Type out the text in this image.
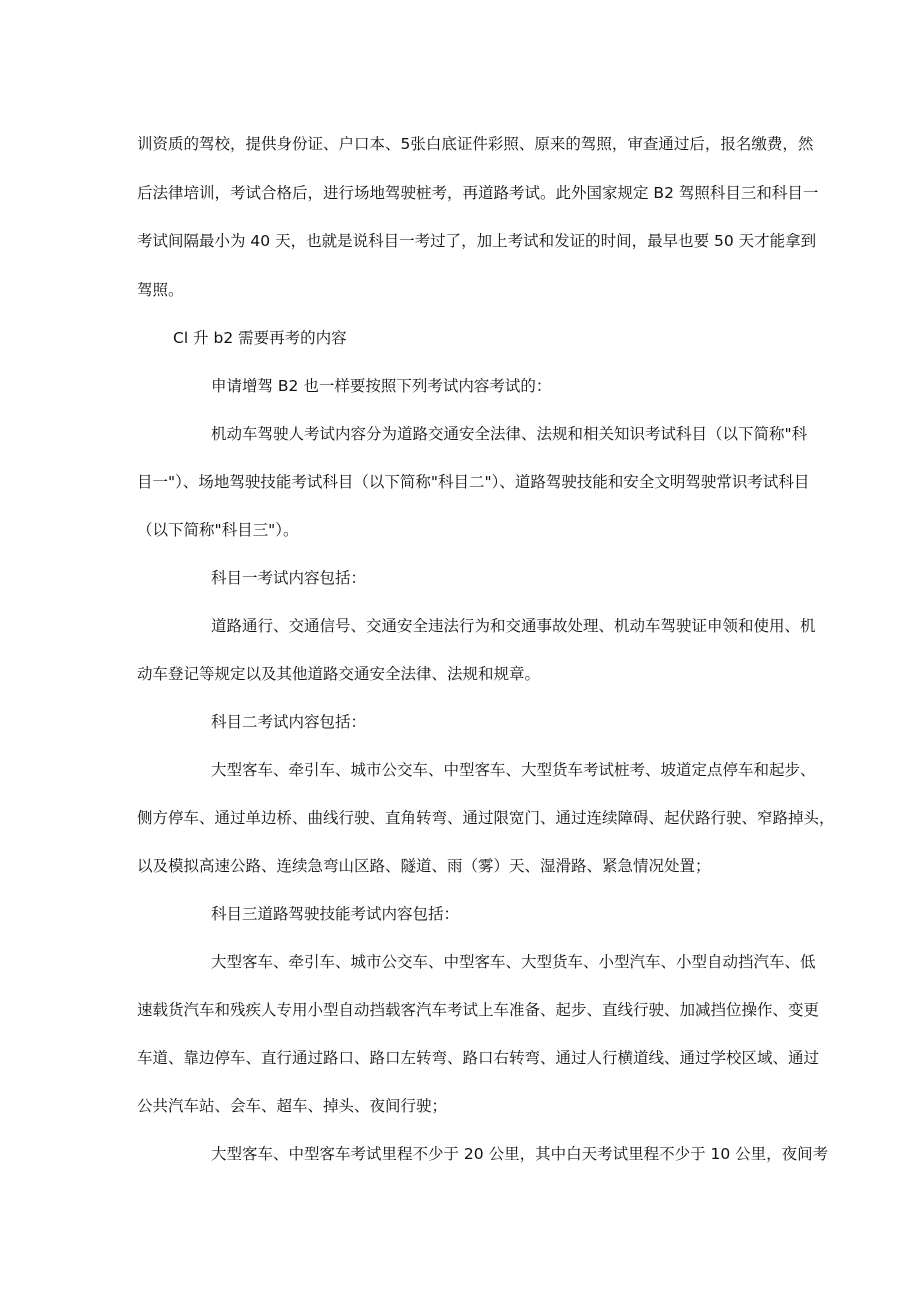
训资质的驾校，提供身份证、户口本、5张白底证件彩照、原来的驾照，审查通过后，报名缴费，然
后法律培训，考试合格后，进行场地驾驶桩考，再道路考试。此外国家规定 B2 驾照科目三和科目一
考试间隔最小为 40 天，也就是说科目一考过了，加上考试和发证的时间，最早也要 50 天才能拿到
驾照。
Cl 升 b2 需要再考的内容
申请增驾 B2 也一样要按照下列考试内容考试的：
机动车驾驶人考试内容分为道路交通安全法律、法规和相关知识考试科目（以下简称"科
目一"）、场地驾驶技能考试科目（以下简称"科目二"）、道路驾驶技能和安全文明驾驶常识考试科目
（以下简称"科目三"）。
科目一考试内容包括：
道路通行、交通信号、交通安全违法行为和交通事故处理、机动车驾驶证申领和使用、机
动车登记等规定以及其他道路交通安全法律、法规和规章。
科目二考试内容包括：
大型客车、牵引车、城市公交车、中型客车、大型货车考试桩考、坡道定点停车和起步、
侧方停车、通过单边桥、曲线行驶、直角转弯、通过限宽门、通过连续障碍、起伏路行驶、窄路掉头，
以及模拟高速公路、连续急弯山区路、隧道、雨（雾）天、湿滑路、紧急情况处置；
科目三道路驾驶技能考试内容包括：
大型客车、牵引车、城市公交车、中型客车、大型货车、小型汽车、小型自动挡汽车、低
速载货汽车和残疾人专用小型自动挡载客汽车考试上车准备、起步、直线行驶、加减挡位操作、变更
车道、靠边停车、直行通过路口、路口左转弯、路口右转弯、通过人行横道线、通过学校区域、通过
公共汽车站、会车、超车、掉头、夜间行驶；
大型客车、中型客车考试里程不少于 20 公里，其中白天考试里程不少于 10 公里，夜间考
